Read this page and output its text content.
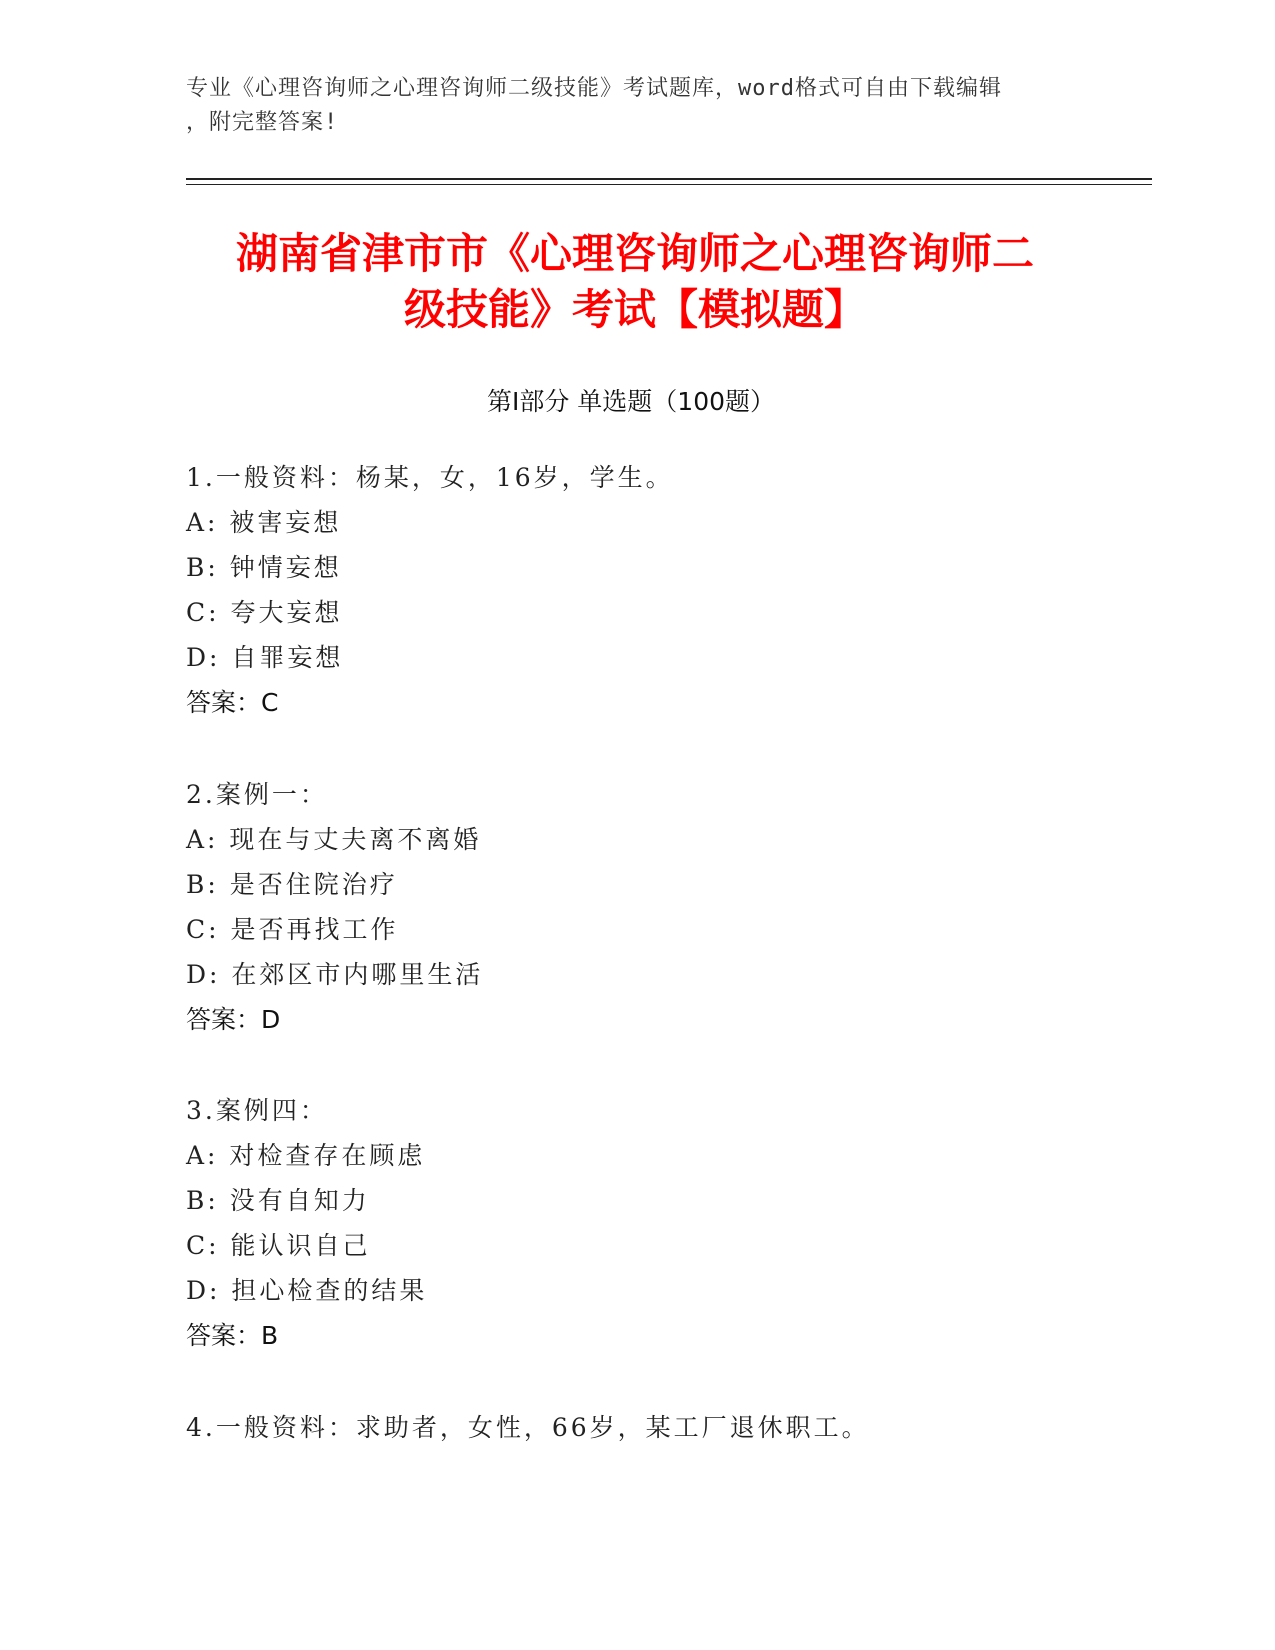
专业《心理咨询师之心理咨询师二级技能》考试题库，word格式可自由下载编辑
，附完整答案!
湖南省津市市《心理咨询师之心理咨询师二
级技能》考试【模拟题】
第Ⅰ部分 单选题（100题）
1.一般资料：杨某，女，16岁，学生。
A: 被害妄想
B: 钟情妄想
C: 夸大妄想
D: 自罪妄想
答案：C
2.案例一：
A: 现在与丈夫离不离婚
B: 是否住院治疗
C: 是否再找工作
D: 在郊区市内哪里生活
答案：D
3.案例四：
A: 对检查存在顾虑
B: 没有自知力
C: 能认识自己
D: 担心检查的结果
答案：B
4.一般资料：求助者，女性，66岁，某工厂退休职工。
